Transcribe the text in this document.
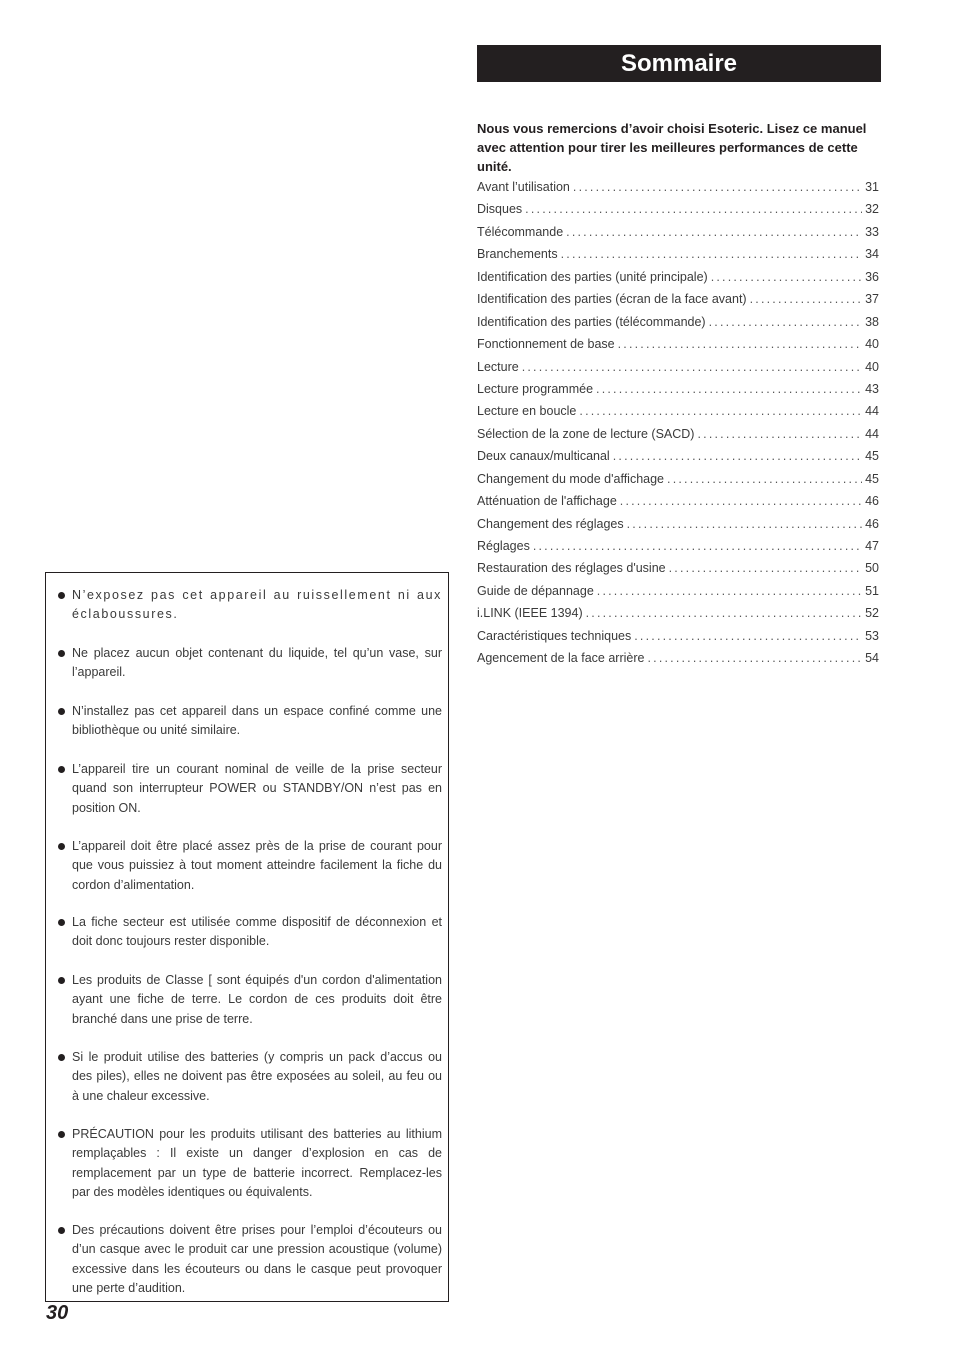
Sommaire
Nous vous remercions d’avoir choisi Esoteric. Lisez ce manuel avec attention pour tirer les meilleures performances de cette unité.
Avant l’utilisation .....	31
Disques .....	32
Télécommande .....	33
Branchements .....	34
Identification des parties (unité principale) .....	36
Identification des parties (écran de la face avant) .....	37
Identification des parties (télécommande) .....	38
Fonctionnement de base .....	40
Lecture .....	40
Lecture programmée .....	43
Lecture en boucle .....	44
Sélection de la zone de lecture (SACD) .....	44
Deux canaux/multicanal .....	45
Changement du mode d'affichage .....	45
Atténuation de l'affichage .....	46
Changement des réglages .....	46
Réglages .....	47
Restauration des réglages d'usine .....	50
Guide de dépannage .....	51
i.LINK (IEEE 1394) .....	52
Caractéristiques techniques .....	53
Agencement de la face arrière .....	54

N’exposez pas cet appareil au ruissellement ni aux éclaboussures.

Ne placez aucun objet contenant du liquide, tel qu’un vase, sur l’appareil.

N’installez pas cet appareil dans un espace confiné comme une bibliothèque ou unité similaire.

L’appareil tire un courant nominal de veille de la prise secteur quand son interrupteur POWER ou STANDBY/ON n’est pas en position ON.

L’appareil doit être placé assez près de la prise de courant pour que vous puissiez à tout moment atteindre facilement la fiche du cordon d’alimentation.

La fiche secteur est utilisée comme dispositif de déconnexion et doit donc toujours rester disponible.

Les produits de Classe [ sont équipés d'un cordon d'alimentation ayant une fiche de terre. Le cordon de ces produits doit être branché dans une prise de terre.

Si le produit utilise des batteries (y compris un pack d’accus ou des piles), elles ne doivent pas être exposées au soleil, au feu ou à une chaleur excessive.

PRÉCAUTION pour les produits utilisant des batteries au lithium remplaçables : Il existe un danger d’explosion en cas de remplacement par un type de batterie incorrect. Remplacez-les par des modèles identiques ou équivalents.

Des précautions doivent être prises pour l’emploi d’écouteurs ou d’un casque avec le produit car une pression acoustique (volume) excessive dans les écouteurs ou dans le casque peut provoquer une perte d’audition.

30
